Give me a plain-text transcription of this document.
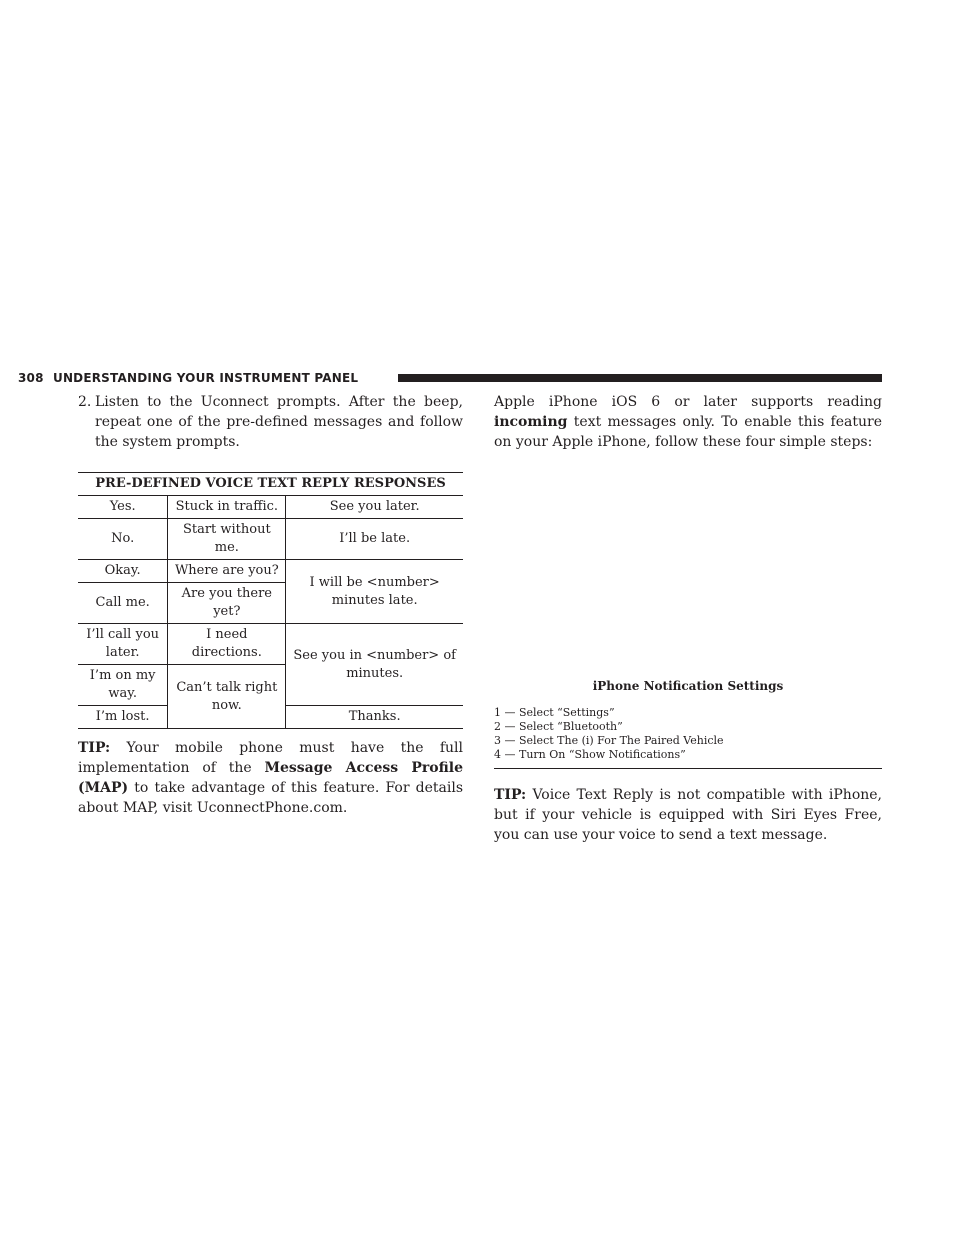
308 UNDERSTANDING YOUR INSTRUMENT PANEL
2. Listen to the Uconnect prompts. After the beep, repeat one of the pre-defined messages and follow the system prompts.
PRE-DEFINED VOICE TEXT REPLY RESPONSES		
Yes.	Stuck in traffic.	See you later.
No.	Start without me.	I’ll be late.
Okay.	Where are you?	I will be <number> minutes late.
Call me.	Are you there yet?	
I’ll call you later.	I need directions.	See you in <number> of minutes.
I’m on my way.	Can’t talk right now.	
I’m lost.		Thanks.

TIP: Your mobile phone must have the full implementation of the Message Access Profile (MAP) to take advantage of this feature. For details about MAP, visit UconnectPhone.com.

Apple iPhone iOS 6 or later supports reading incoming text messages only. To enable this feature on your Apple iPhone, follow these four simple steps:
iPhone Notification Settings
1 — Select “Settings”
2 — Select “Bluetooth”
3 — Select The (i) For The Paired Vehicle
4 — Turn On “Show Notifications”

TIP: Voice Text Reply is not compatible with iPhone, but if your vehicle is equipped with Siri Eyes Free, you can use your voice to send a text message.
